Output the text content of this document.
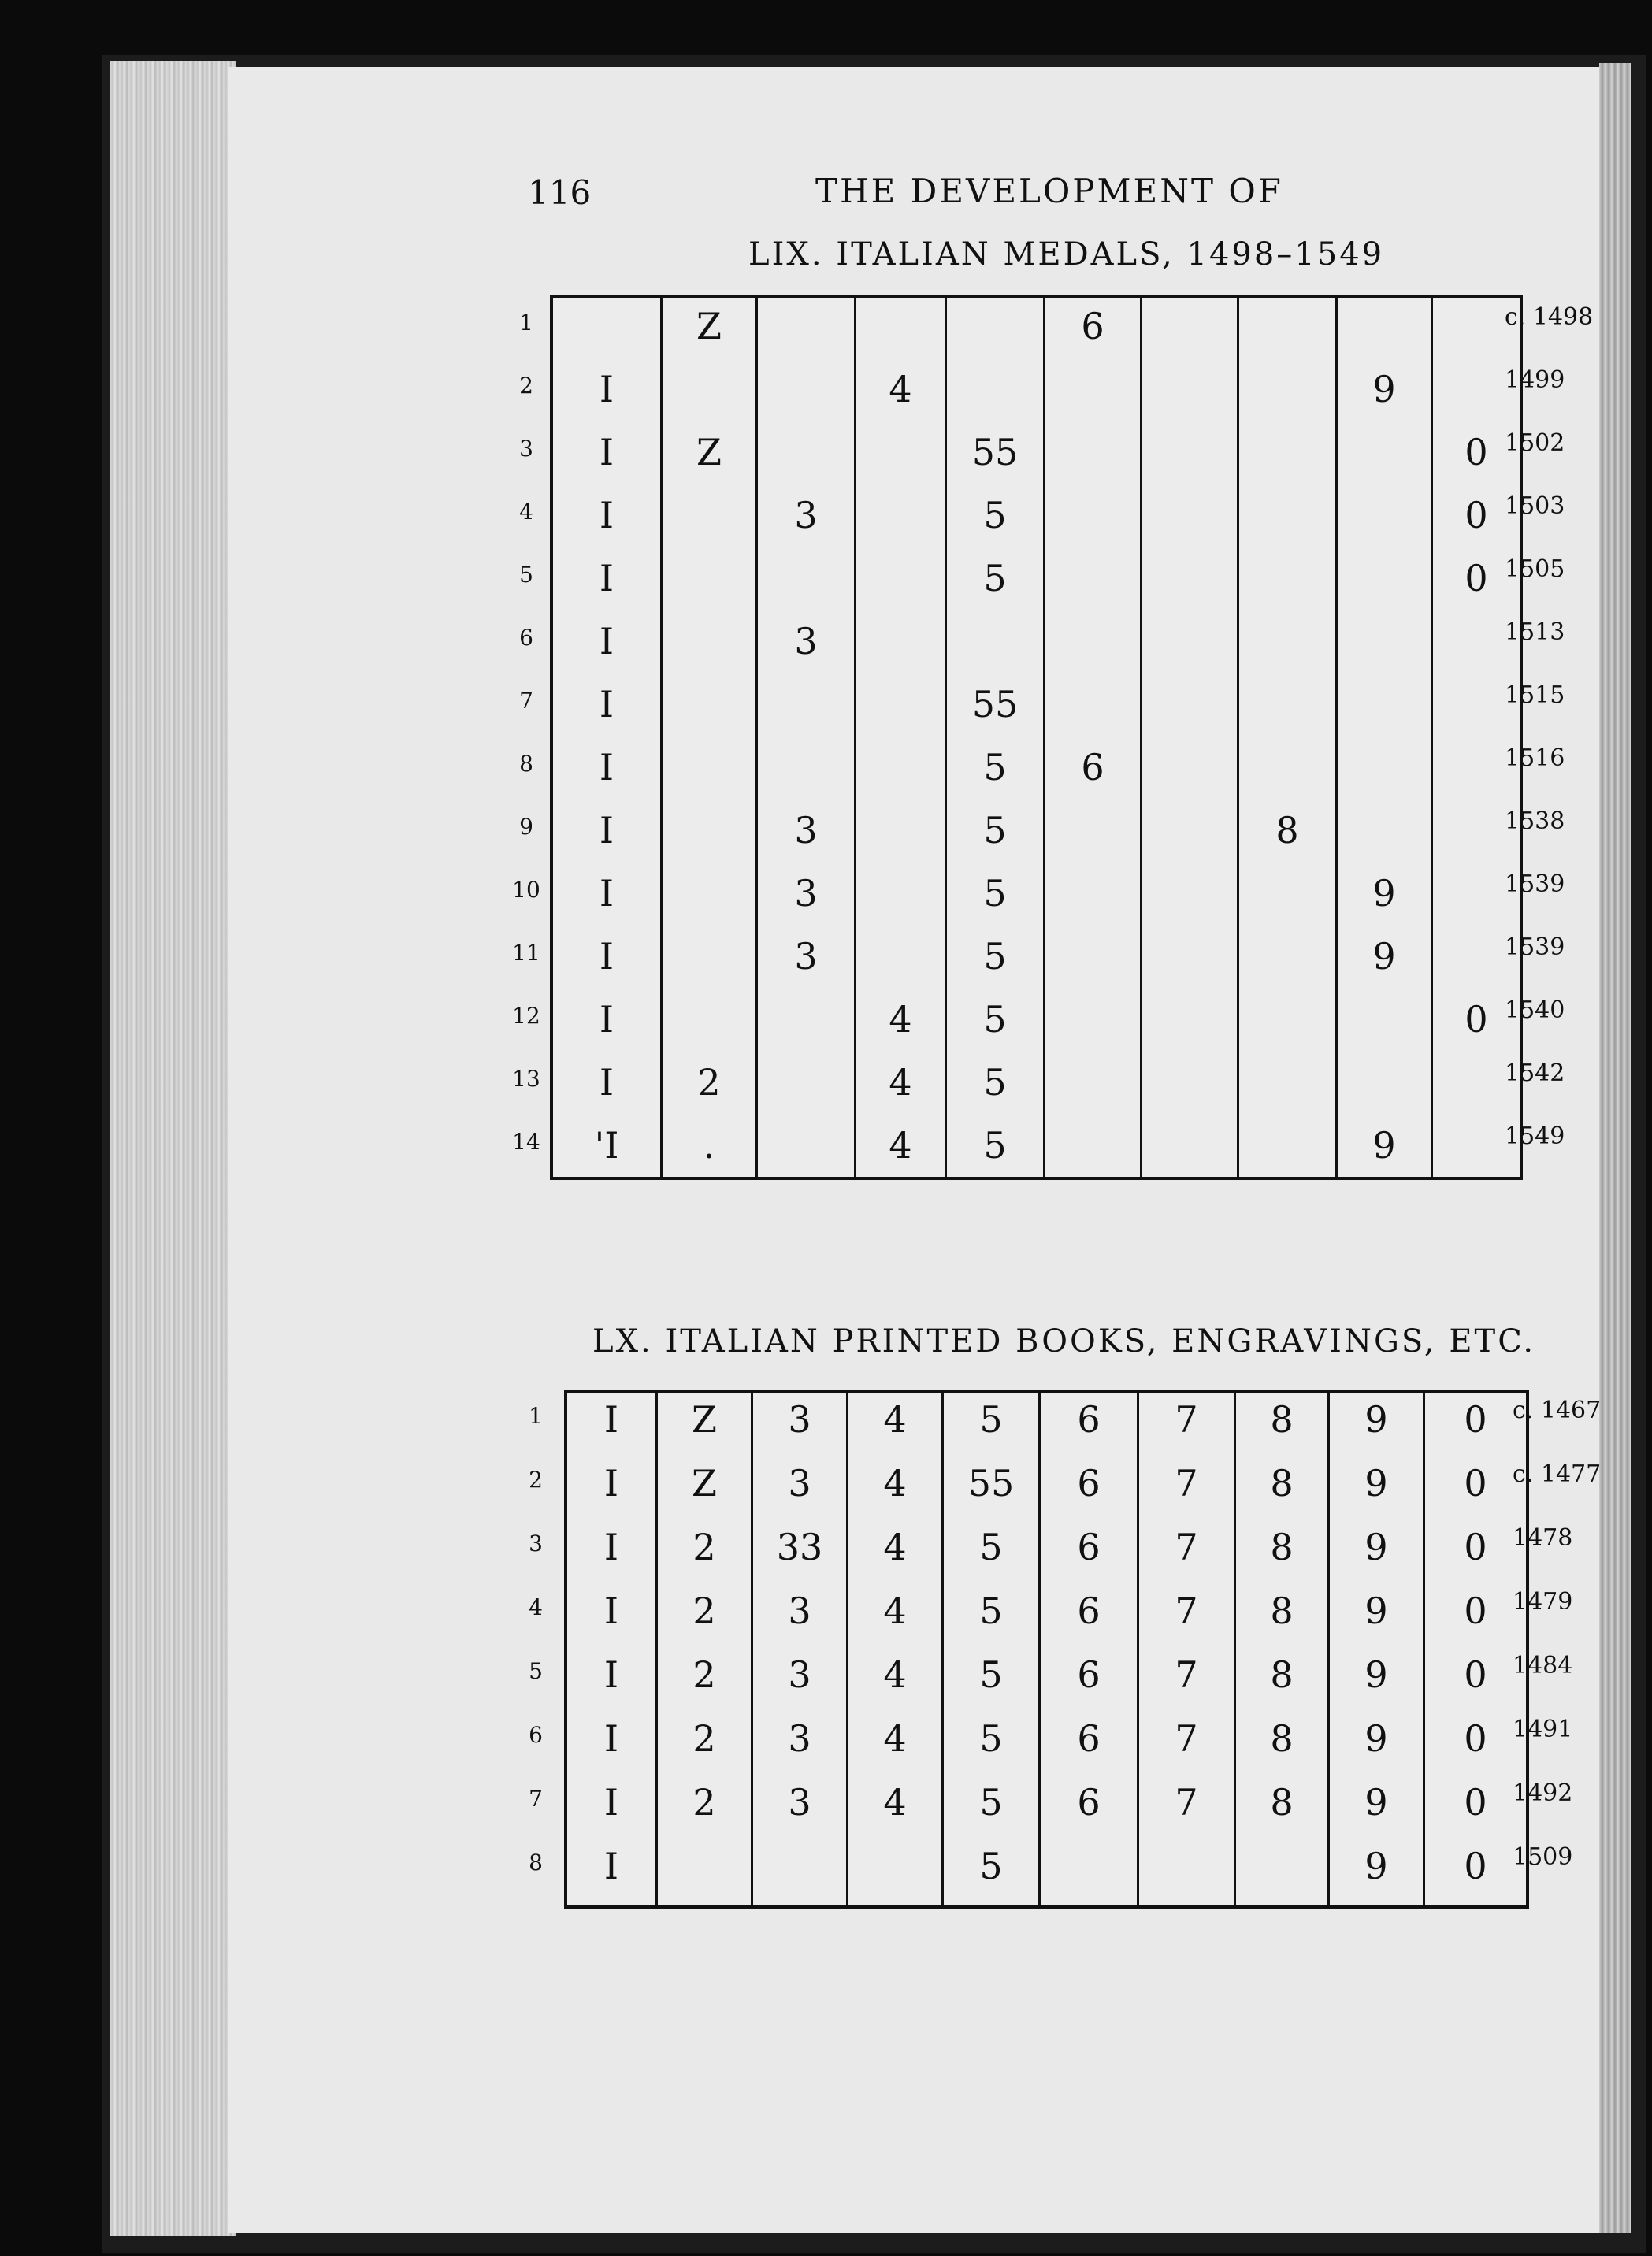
116	THE DEVELOPMENT OF
LIX. ITALIAN MEDALS, 1498–1549
1
2
3
4
5
6
7
8
9
10
11
12
13
14
I
I
I
I
I
I
I
I
I
I
I
I
'I
Z
Z
2
.
3
3
3
3
3
4
4
4
4
55
5
5
55
5
5
5
5
5
5
5
6
6
8
9
9
9
9
0
0
0
0
c. 1498
1499
1502
1503
1505
1513
1515
1516
1538
1539
1539
1540
1542
1549
LX. ITALIAN PRINTED BOOKS, ENGRAVINGS, ETC.
1
2
3
4
5
6
7
8
I
I
I
I
I
I
I
I
Z
Z
2
2
2
2
2
3
3
33
3
3
3
3
4
4
4
4
4
4
4
5
55
5
5
5
5
5
5
6
6
6
6
6
6
6
7
7
7
7
7
7
7
8
8
8
8
8
8
8
9
9
9
9
9
9
9
9
0
0
0
0
0
0
0
0
c. 1467
c. 1477
1478
1479
1484
1491
1492
1509
